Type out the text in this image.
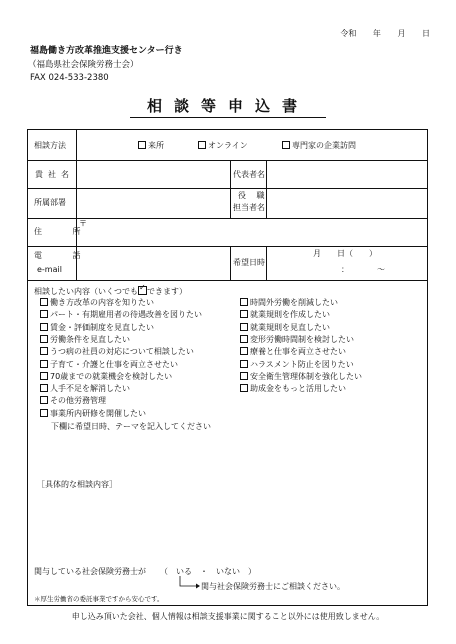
令和 年 月 日
福島働き方改革推進支援センター行き
（福島県社会保険労務士会）
FAX 024-533-2380
相談等申込書
相談方法	来所	オンライン	専門家の企業訪問
貴社名	代表者名
所属部署
役 職
担当者名
住 所
〒
電 話
e-mail
希望日時
月　　日（　　）
：　　　　～
相談したい内容（いくつでも✓ できます）
働き方改革の内容を知りたい
パート・有期雇用者の待遇改善を図りたい
賃金・評価制度を見直したい
労働条件を見直したい
うつ病の社員の対応について相談したい
子育て・介護と仕事を両立させたい
70歳までの就業機会を検討したい
人手不足を解消したい
その他労務管理
事業所内研修を開催したい
時間外労働を削減したい
就業規則を作成したい
就業規則を見直したい
変形労働時間制を検討したい
療養と仕事を両立させたい
ハラスメント防止を図りたい
安全衛生管理体制を強化したい
助成金をもっと活用したい
下欄に希望日時、テーマを記入してください
［具体的な相談内容］
関与している社会保険労務士が （　いる　・　いない　）
関与社会保険労務士にご相談ください。
＊厚生労働省の委託事業ですから安心です。
申し込み頂いた会社、個人情報は相談支援事業に関すること以外には使用致しません。
